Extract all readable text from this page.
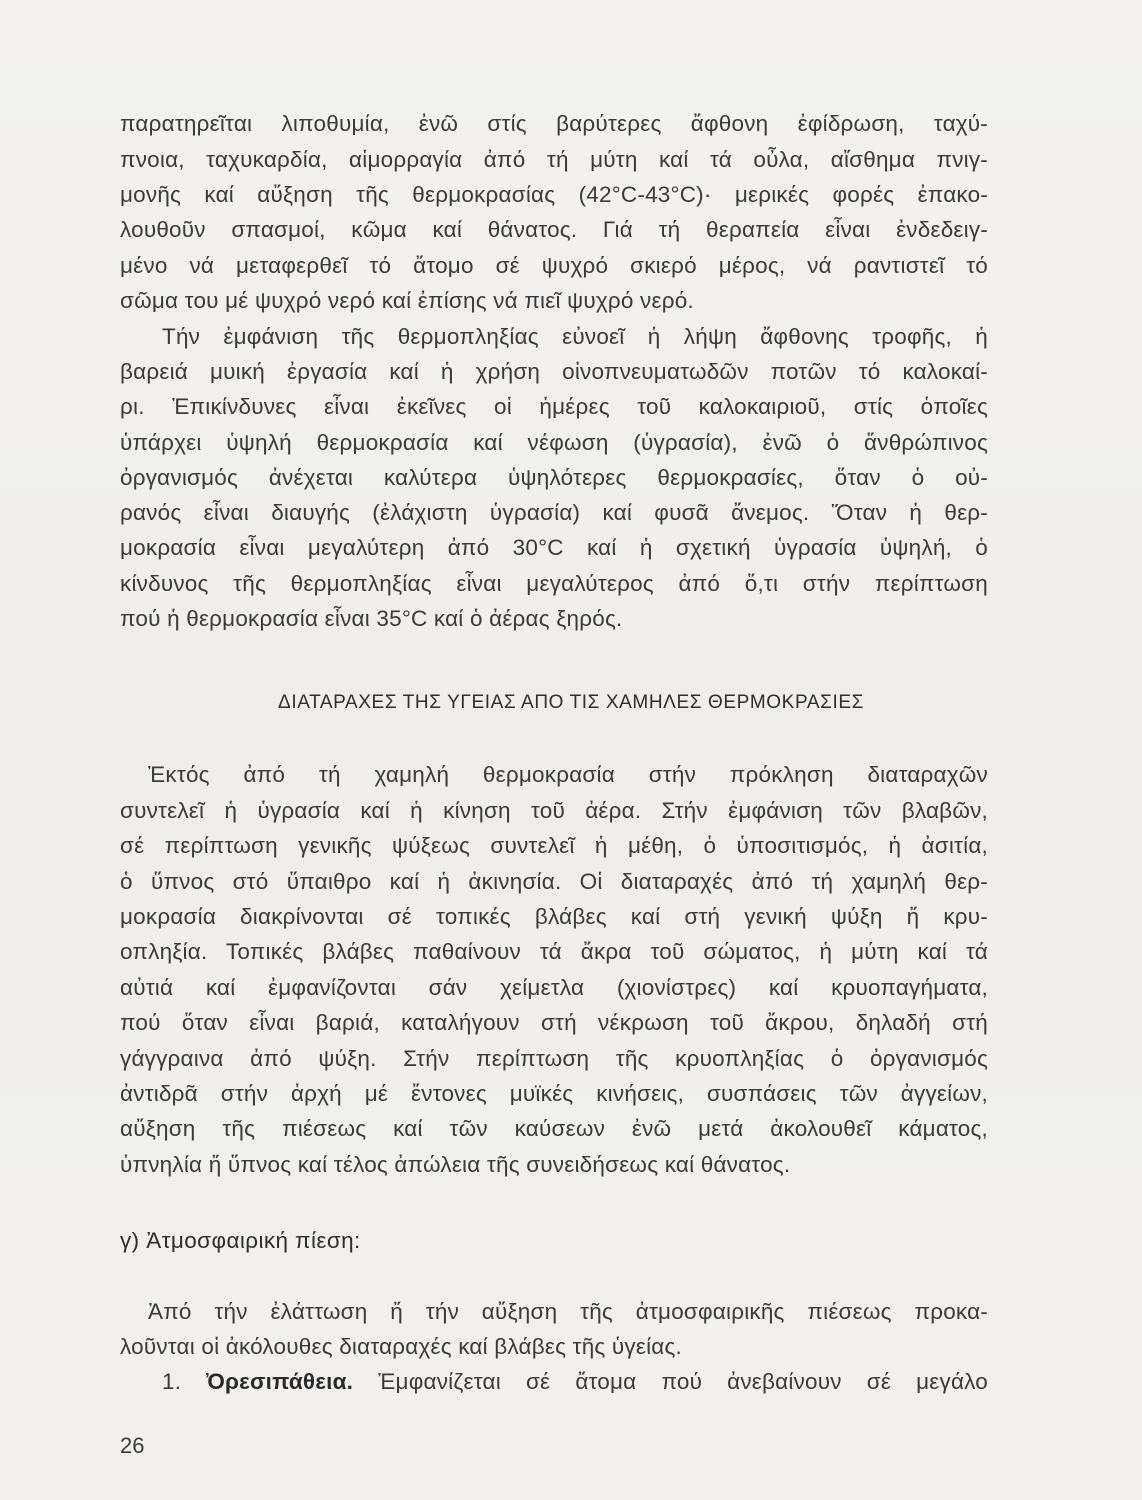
παρατηρεῖται λιποθυμία, ἐνῶ στίς βαρύτερες ἄφθονη ἐφίδρωση, ταχύ-
πνοια, ταχυκαρδία, αἱμορραγία ἀπό τή μύτη καί τά οὖλα, αἴσθημα πνιγ-
μονῆς καί αὔξηση τῆς θερμοκρασίας (42°C-43°C)· μερικές φορές ἐπακο-
λουθοῦν σπασμοί, κῶμα καί θάνατος. Γιά τή θεραπεία εἶναι ἐνδεδειγ-
μένο νά μεταφερθεῖ τό ἄτομο σέ ψυχρό σκιερό μέρος, νά ραντιστεῖ τό
σῶμα του μέ ψυχρό νερό καί ἐπίσης νά πιεῖ ψυχρό νερό.
Τήν ἐμφάνιση τῆς θερμοπληξίας εὐνοεῖ ἡ λήψη ἄφθονης τροφῆς, ἡ
βαρειά μυική ἐργασία καί ἡ χρήση οἰνοπνευματωδῶν ποτῶν τό καλοκαί-
ρι. Ἐπικίνδυνες εἶναι ἐκεῖνες οἱ ἡμέρες τοῦ καλοκαιριοῦ, στίς ὁποῖες
ὑπάρχει ὑψηλή θερμοκρασία καί νέφωση (ὑγρασία), ἐνῶ ὁ ἄνθρώπινος
ὀργανισμός ἀνέχεται καλύτερα ὑψηλότερες θερμοκρασίες, ὅταν ὁ οὐ-
ρανός εἶναι διαυγής (ἐλάχιστη ὑγρασία) καί φυσᾶ ἄνεμος. Ὅταν ἡ θερ-
μοκρασία εἶναι μεγαλύτερη ἀπό 30°C καί ἡ σχετική ὑγρασία ὑψηλή, ὁ
κίνδυνος τῆς θερμοπληξίας εἶναι μεγαλύτερος ἀπό ὅ,τι στήν περίπτωση
πού ἡ θερμοκρασία εἶναι 35°C καί ὁ ἀέρας ξηρός.
ΔΙΑΤΑΡΑΧΕΣ ΤΗΣ ΥΓΕΙΑΣ ΑΠΟ ΤΙΣ ΧΑΜΗΛΕΣ ΘΕΡΜΟΚΡΑΣΙΕΣ
Ἐκτός ἀπό τή χαμηλή θερμοκρασία στήν πρόκληση διαταραχῶν
συντελεῖ ἡ ὑγρασία καί ἡ κίνηση τοῦ ἀέρα. Στήν ἐμφάνιση τῶν βλαβῶν,
σέ περίπτωση γενικῆς ψύξεως συντελεῖ ἡ μέθη, ὁ ὑποσιτισμός, ἡ ἀσιτία,
ὁ ὕπνος στό ὕπαιθρο καί ἡ ἀκινησία. Οἱ διαταραχές ἀπό τή χαμηλή θερ-
μοκρασία διακρίνονται σέ τοπικές βλάβες καί στή γενική ψύξη ἤ κρυ-
οπληξία. Τοπικές βλάβες παθαίνουν τά ἄκρα τοῦ σώματος, ἡ μύτη καί τά
αὐτιά καί ἐμφανίζονται σάν χείμετλα (χιονίστρες) καί κρυοπαγήματα,
πού ὅταν εἶναι βαριά, καταλήγουν στή νέκρωση τοῦ ἄκρου, δηλαδή στή
γάγγραινα ἀπό ψύξη. Στήν περίπτωση τῆς κρυοπληξίας ὁ ὀργανισμός
ἀντιδρᾶ στήν ἀρχή μέ ἔντονες μυϊκές κινήσεις, συσπάσεις τῶν ἀγγείων,
αὔξηση τῆς πιέσεως καί τῶν καύσεων ἐνῶ μετά ἀκολουθεῖ κάματος,
ὑπνηλία ἤ ὕπνος καί τέλος ἀπώλεια τῆς συνειδήσεως καί θάνατος.
γ) Ἀτμοσφαιρική πίεση:
Ἀπό τήν ἐλάττωση ἤ τήν αὔξηση τῆς ἀτμοσφαιρικῆς πιέσεως προκα-
λοῦνται οἱ ἀκόλουθες διαταραχές καί βλάβες τῆς ὑγείας.
1. Ὀρεσιπάθεια. Ἐμφανίζεται σέ ἄτομα πού ἀνεβαίνουν σέ μεγάλο
26
